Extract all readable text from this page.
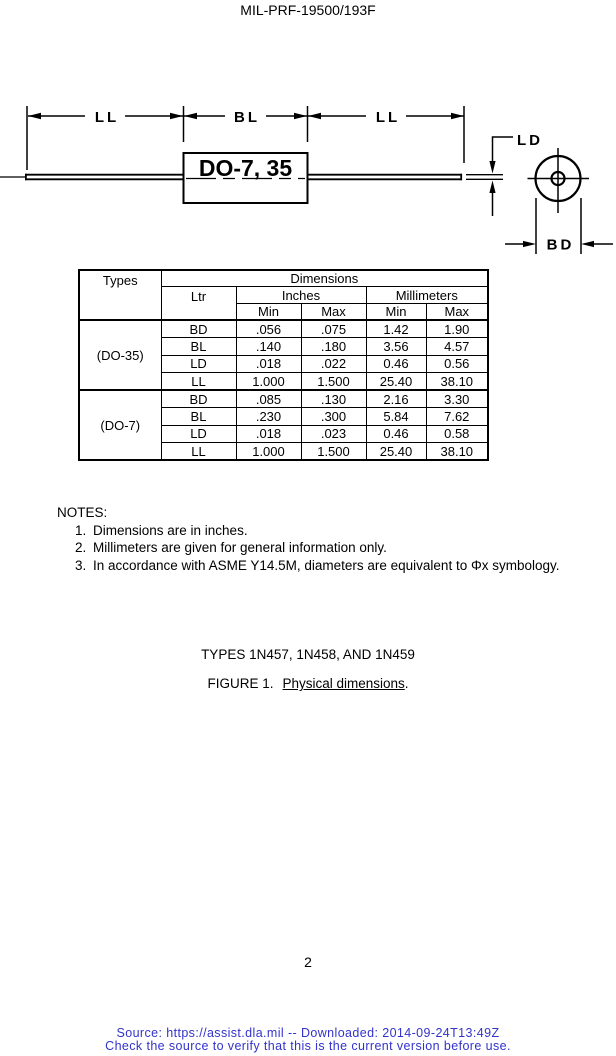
MIL-PRF-19500/193F
LL	BL	LL
DO-7, 35
LD
BD
Types	Dimensions				
	Ltr	Inches		Millimeters	
		Min	Max	Min	Max
(DO-35)	BD	.056	.075	1.42	1.90
	BL	.140	.180	3.56	4.57
	LD	.018	.022	0.46	0.56
	LL	1.000	1.500	25.40	38.10
(DO-7)	BD	.085	.130	2.16	3.30
	BL	.230	.300	5.84	7.62
	LD	.018	.023	0.46	0.58
	LL	1.000	1.500	25.40	38.10
NOTES:
1. Dimensions are in inches.
2. Millimeters are given for general information only.
3. In accordance with ASME Y14.5M, diameters are equivalent to Φx symbology.
TYPES 1N457, 1N458, AND 1N459
FIGURE 1. Physical dimensions.
2
Source: https://assist.dla.mil -- Downloaded: 2014-09-24T13:49Z
Check the source to verify that this is the current version before use.
